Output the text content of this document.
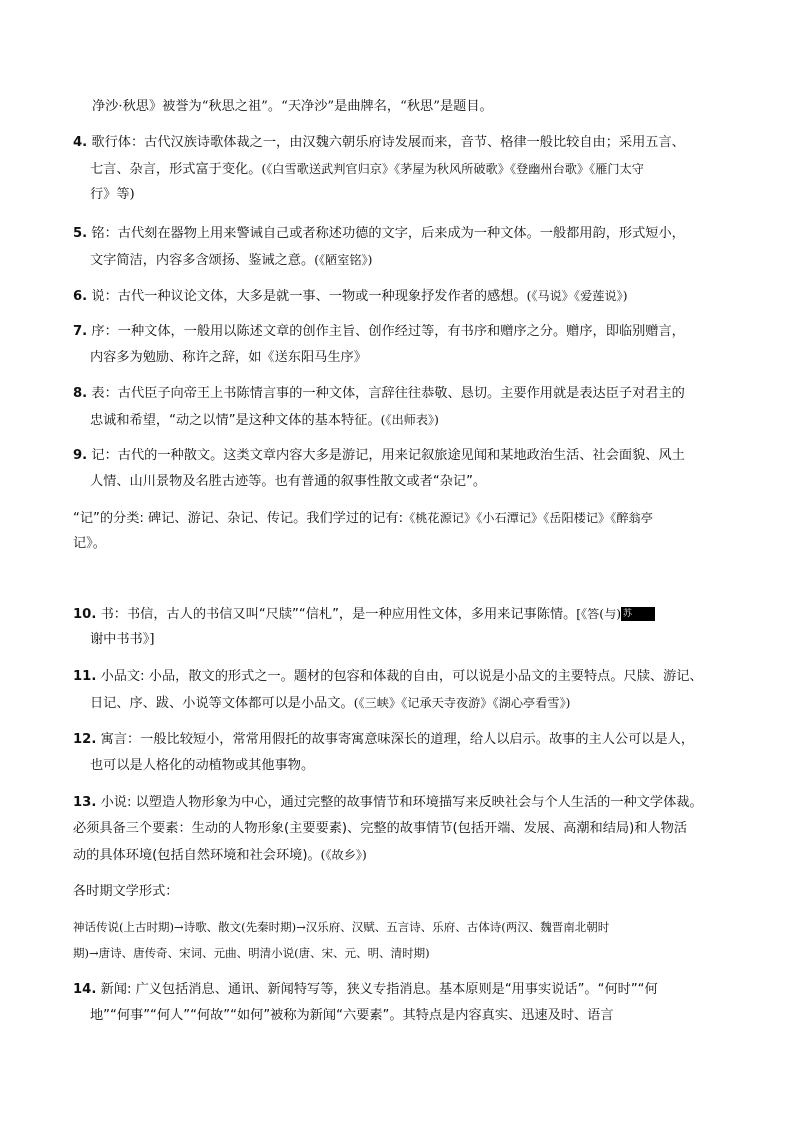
净沙·秋思》被誉为“秋思之祖”。“天净沙”是曲牌名，“秋思”是题目。
4. 歌行体：古代汉族诗歌体裁之一，由汉魏六朝乐府诗发展而来，音节、格律一般比较自由；采用五言、
七言、杂言，形式富于变化。(《白雪歌送武判官归京》《茅屋为秋风所破歌》《登幽州台歌》《雁门太守
行》等)
5. 铭：古代刻在器物上用来警诫自己或者称述功德的文字，后来成为一种文体。一般都用韵，形式短小，
文字简洁，内容多含颂扬、鉴诫之意。(《陋室铭》)
6. 说：古代一种议论文体，大多是就一事、一物或一种现象抒发作者的感想。(《马说》《爱莲说》)
7. 序：一种文体，一般用以陈述文章的创作主旨、创作经过等，有书序和赠序之分。赠序，即临别赠言，
内容多为勉励、称许之辞，如《送东阳马生序》
8. 表：古代臣子向帝王上书陈情言事的一种文体，言辞往往恭敬、恳切。主要作用就是表达臣子对君主的
忠诚和希望，“动之以情”是这种文体的基本特征。(《出师表》)
9. 记：古代的一种散文。这类文章内容大多是游记，用来记叙旅途见闻和某地政治生活、社会面貌、风土
人情、山川景物及名胜古迹等。也有普通的叙事性散文或者“杂记”。
“记”的分类: 碑记、游记、杂记、传记。我们学过的记有:《桃花源记》《小石潭记》《岳阳楼记》《醉翁亭
记》。
10. 书：书信，古人的书信又叫“尺牍”“信札”，是一种应用性文体，多用来记事陈情。[《答(与) 苏
谢中书书》]
11. 小品文: 小品，散文的形式之一。题材的包容和体裁的自由，可以说是小品文的主要特点。尺牍、游记、
日记、序、跋、小说等文体都可以是小品文。(《三峡》《记承天寺夜游》《湖心亭看雪》)
12. 寓言：一般比较短小，常常用假托的故事寄寓意味深长的道理，给人以启示。故事的主人公可以是人，
也可以是人格化的动植物或其他事物。
13. 小说: 以塑造人物形象为中心，通过完整的故事情节和环境描写来反映社会与个人生活的一种文学体裁。
必须具备三个要素：生动的人物形象(主要要素)、完整的故事情节(包括开端、发展、高潮和结局)和人物活
动的具体环境(包括自然环境和社会环境)。(《故乡》)
各时期文学形式：
神话传说(上古时期)→诗歌、散文(先秦时期)→汉乐府、汉赋、五言诗、乐府、古体诗(两汉、魏晋南北朝时
期)→唐诗、唐传奇、宋词、元曲、明清小说(唐、宋、元、明、清时期)
14. 新闻: 广义包括消息、通讯、新闻特写等，狭义专指消息。基本原则是“用事实说话”。“何时”“何
地”“何事”“何人”“何故”“如何”被称为新闻“六要素”。其特点是内容真实、迅速及时、语言
